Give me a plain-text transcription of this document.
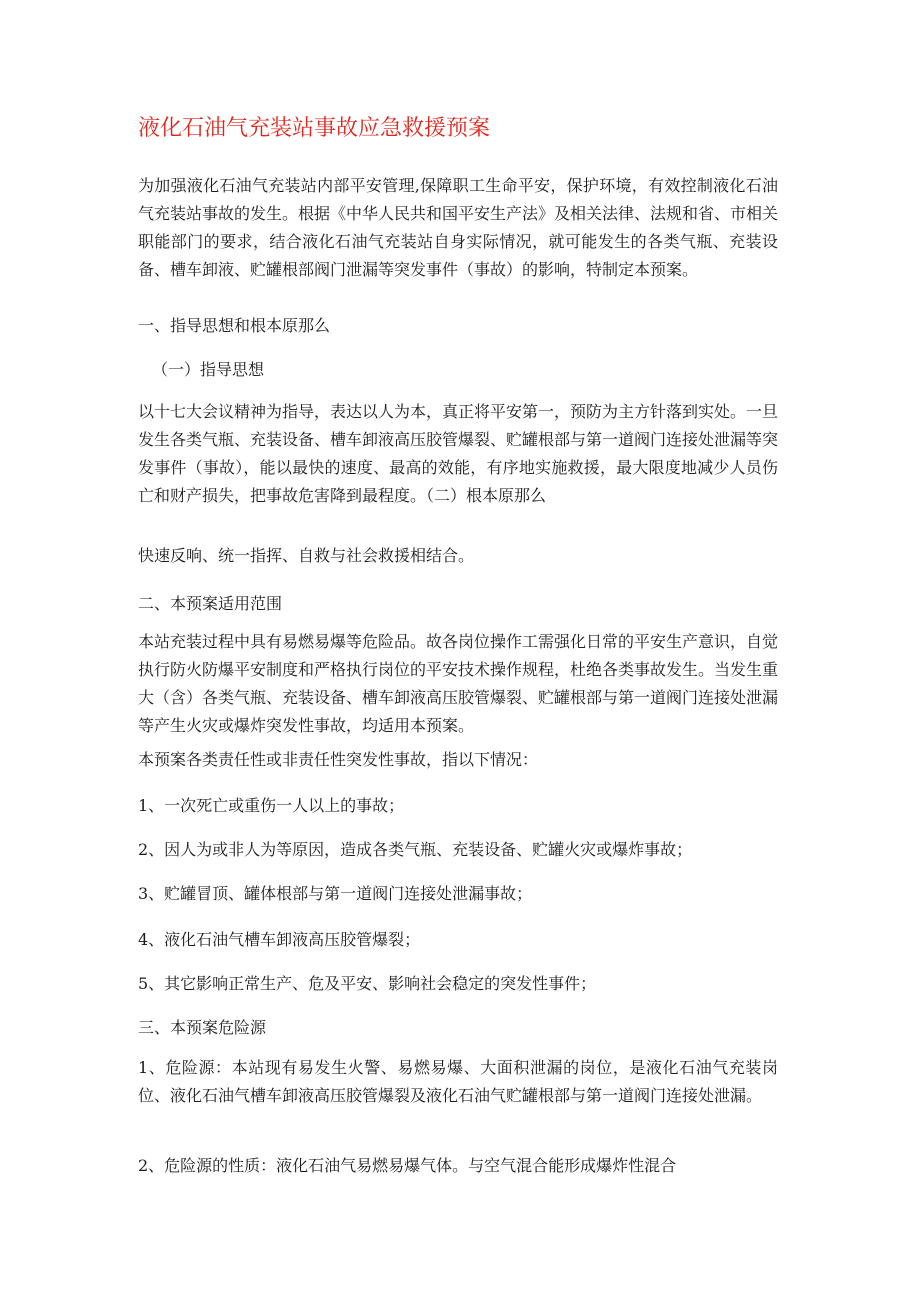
液化石油气充装站事故应急救援预案

为加强液化石油气充装站内部平安管理,保障职工生命平安，保护环境，有效控制液化石油气充装站事故的发生。根据《中华人民共和国平安生产法》及相关法律、法规和省、市相关职能部门的要求，结合液化石油气充装站自身实际情况，就可能发生的各类气瓶、充装设备、槽车卸液、贮罐根部阀门泄漏等突发事件（事故）的影响，特制定本预案。

一、指导思想和根本原那么

（一）指导思想

以十七大会议精神为指导，表达以人为本，真正将平安第一，预防为主方针落到实处。一旦发生各类气瓶、充装设备、槽车卸液高压胶管爆裂、贮罐根部与第一道阀门连接处泄漏等突发事件（事故），能以最快的速度、最高的效能，有序地实施救援，最大限度地减少人员伤亡和财产损失，把事故危害降到最程度。（二）根本原那么

快速反响、统一指挥、自救与社会救援相结合。

二、本预案适用范围

本站充装过程中具有易燃易爆等危险品。故各岗位操作工需强化日常的平安生产意识，自觉执行防火防爆平安制度和严格执行岗位的平安技术操作规程，杜绝各类事故发生。当发生重大（含）各类气瓶、充装设备、槽车卸液高压胶管爆裂、贮罐根部与第一道阀门连接处泄漏等产生火灾或爆炸突发性事故，均适用本预案。

本预案各类责任性或非责任性突发性事故，指以下情况：

1、一次死亡或重伤一人以上的事故；

2、因人为或非人为等原因，造成各类气瓶、充装设备、贮罐火灾或爆炸事故；

3、贮罐冒顶、罐体根部与第一道阀门连接处泄漏事故；

4、液化石油气槽车卸液高压胶管爆裂；

5、其它影响正常生产、危及平安、影响社会稳定的突发性事件；

三、本预案危险源

1、危险源：本站现有易发生火警、易燃易爆、大面积泄漏的岗位，是液化石油气充装岗位、液化石油气槽车卸液高压胶管爆裂及液化石油气贮罐根部与第一道阀门连接处泄漏。

2、危险源的性质：液化石油气易燃易爆气体。与空气混合能形成爆炸性混合
